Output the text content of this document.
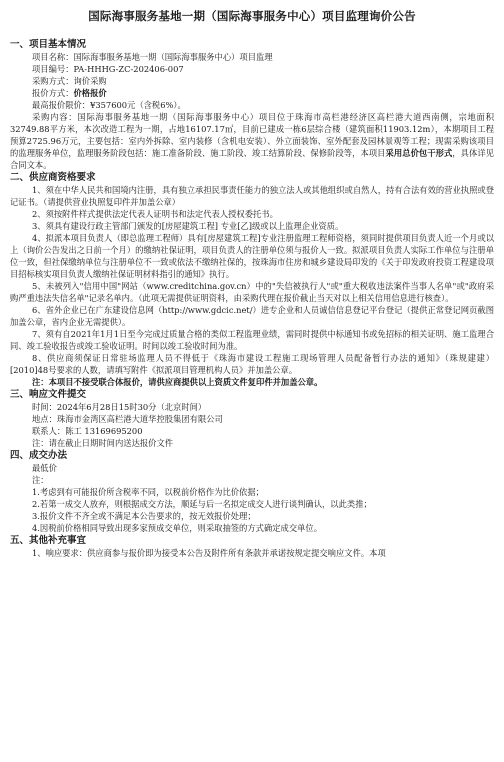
国际海事服务基地一期（国际海事服务中心）项目监理询价公告
一、项目基本情况
项目名称：国际海事服务基地一期（国际海事服务中心）项目监理
项目编号：PA-HHHG-ZC-202406-007
采购方式：询价采购
报价方式：价格报价
最高报价限价：¥357600元（含税6%）。
采购内容：国际海事服务基地一期（国际海事服务中心）项目位于珠海市高栏港经济区高栏港大道西南侧，宗地面积32749.88平方米，本次改造工程为一期，占地16107.17㎡，目前已建成一栋6层综合楼（建筑面积11903.12m），本期项目工程预算2725.96万元，主要包括：室内外拆除、室内装修（含机电安装）、外立面装饰、室外配套及园林景观等工程；现需采购该项目的监理服务单位，监理服务阶段包括：施工准备阶段、施工阶段、竣工结算阶段、保修阶段等，本项目采用总价包干形式，具体详见合同文本。
二、供应商资格要求
1、须在中华人民共和国境内注册，具有独立承担民事责任能力的独立法人或其他组织或自然人，持有合法有效的营业执照或登记证书。（请提供营业执照复印件并加盖公章）
2、须按附件样式提供法定代表人证明书和法定代表人授权委托书。
3、须具有建设行政主管部门颁发的[房屋建筑工程] 专业[乙]级或以上监理企业资质。
4、拟派本项目负责人（即总监理工程师）具有[房屋建筑工程]专业注册监理工程师资格，须同时提供项目负责人近一个月或以上（询价公告发出之日前一个月）的缴纳社保证明，项目负责人的注册单位须与报价人一致。拟派项目负责人实际工作单位与注册单位一致，但社保缴纳单位与注册单位不一致或依法不缴纳社保的，按珠海市住房和城乡建设局印发的《关于印发政府投资工程建设项目招标核实项目负责人缴纳社保证明材料指引的通知》执行。
5、未被列入"信用中国"网站（www.creditchina.gov.cn）中的"失信被执行人"或"重大税收违法案件当事人名单"或"政府采购严重违法失信名单"记录名单内。（此项无需提供证明资料，由采购代理在报价截止当天对以上相关信用信息进行核查）。
6、省外企业已在广东建设信息网（http://www.gdcic.net/）进专企业和人员诚信信息登记平台登记（提供正常登记网页截图加盖公章，省内企业无需提供）。
7、须有自2021年1月1日至今完成过质量合格的类似工程监理业绩，需同时提供中标通知书或免招标的相关证明、施工监理合同、竣工验收报告或竣工验收证明。时间以竣工验收时间为准。
8、供应商须保证日常驻场监理人员不得低于《珠海市建设工程施工现场管理人员配备暂行办法的通知》（珠规建建）[2010]48号要求的人数，请填写附件《拟派项目管理机构人员》并加盖公章。
注：本项目不接受联合体报价，请供应商提供以上资质文件复印件并加盖公章。
三、响应文件提交
时间：2024年6月28日15时30分（北京时间）
地点：珠海市金湾区高栏港大道华控股集团有限公司
联系人：陈工 13169695200
注：请在截止日期时间内送达报价文件
四、成交办法
最低价
注：
1.考虑到有可能报价所含税率不同，以税前价格作为比价依据；
2.若第一成交人放弃，则根据成交方法，顺延与后一名拟定成交人进行谈判确认，以此类推；
3.报价文件不齐全或不满足本公告要求的，按无效报价处理；
4.因税前价格相同导致出现多家预成交单位，则采取抽签的方式确定成交单位。
五、其他补充事宜
1、响应要求：供应商参与报价即为接受本公告及附件所有条款并承诺按规定提交响应文件。本项
